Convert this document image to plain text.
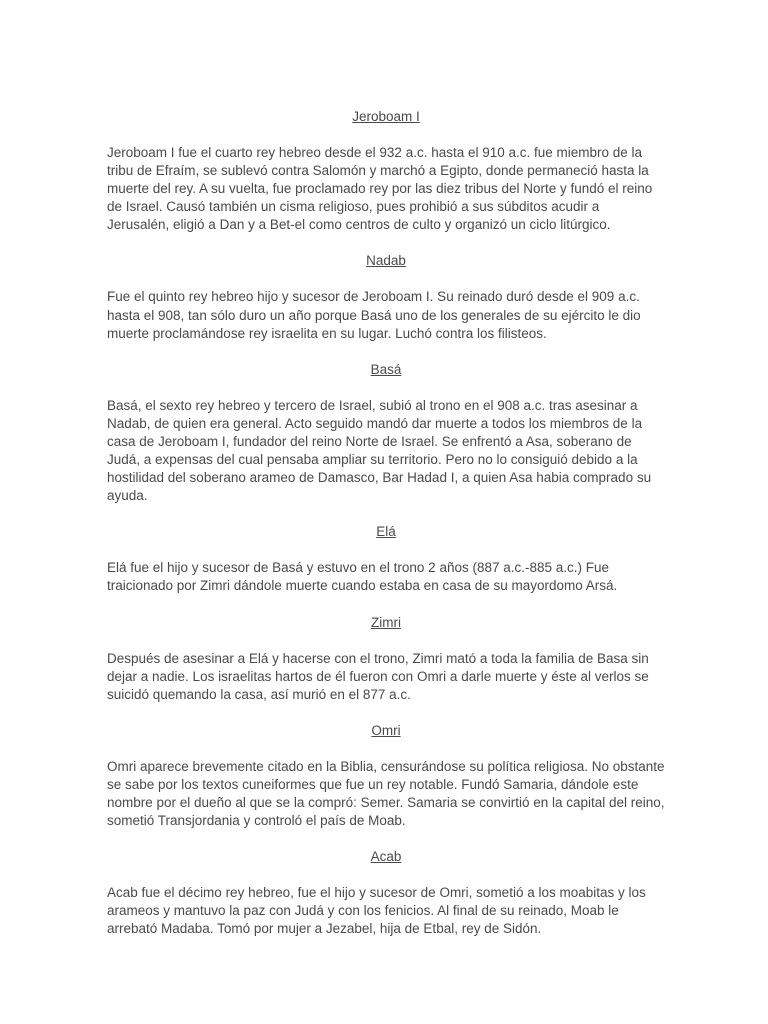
Jeroboam I

Jeroboam I fue el cuarto rey hebreo desde el 932 a.c. hasta el 910 a.c. fue miembro de la tribu de Efraím, se sublevó contra Salomón y marchó a Egipto, donde permaneció hasta la muerte del rey. A su vuelta, fue proclamado rey por las diez tribus del Norte y fundó el reino de Israel. Causó también un cisma religioso, pues prohibió a sus súbditos acudir a Jerusalén, eligió a Dan y a Bet-el como centros de culto y organizó un ciclo litúrgico.

Nadab

Fue el quinto rey hebreo hijo y sucesor de Jeroboam I. Su reinado duró desde el 909 a.c. hasta el 908, tan sólo duro un año porque Basá uno de los generales de su ejército le dio muerte proclamándose rey israelita en su lugar. Luchó contra los filisteos.

Basá

Basá, el sexto rey hebreo y tercero de Israel, subió al trono en el 908 a.c. tras asesinar a Nadab, de quien era general. Acto seguido mandó dar muerte a todos los miembros de la casa de Jeroboam I, fundador del reino Norte de Israel. Se enfrentó a Asa, soberano de Judá, a expensas del cual pensaba ampliar su territorio. Pero no lo consiguió debido a la hostilidad del soberano arameo de Damasco, Bar Hadad I, a quien Asa habia comprado su ayuda.

Elá

Elá fue el hijo y sucesor de Basá y estuvo en el trono 2 años (887 a.c.-885 a.c.) Fue traicionado por Zimri dándole muerte cuando estaba en casa de su mayordomo Arsá.

Zimri

Después de asesinar a Elá y hacerse con el trono, Zimri mató a toda la familia de Basa sin dejar a nadie. Los israelitas hartos de él fueron con Omri a darle muerte y éste al verlos se suicidó quemando la casa, así murió en el 877 a.c.

Omri

Omri aparece brevemente citado en la Biblia, censurándose su política religiosa. No obstante se sabe por los textos cuneiformes que fue un rey notable. Fundó Samaria, dándole este nombre por el dueño al que se la compró: Semer. Samaria se convirtió en la capital del reino, sometió Transjordania y controló el país de Moab.

Acab

Acab fue el décimo rey hebreo, fue el hijo y sucesor de Omri, sometió a los moabitas y los arameos y mantuvo la paz con Judá y con los fenicios. Al final de su reinado, Moab le arrebató Madaba. Tomó por mujer a Jezabel, hija de Etbal, rey de Sidón.
